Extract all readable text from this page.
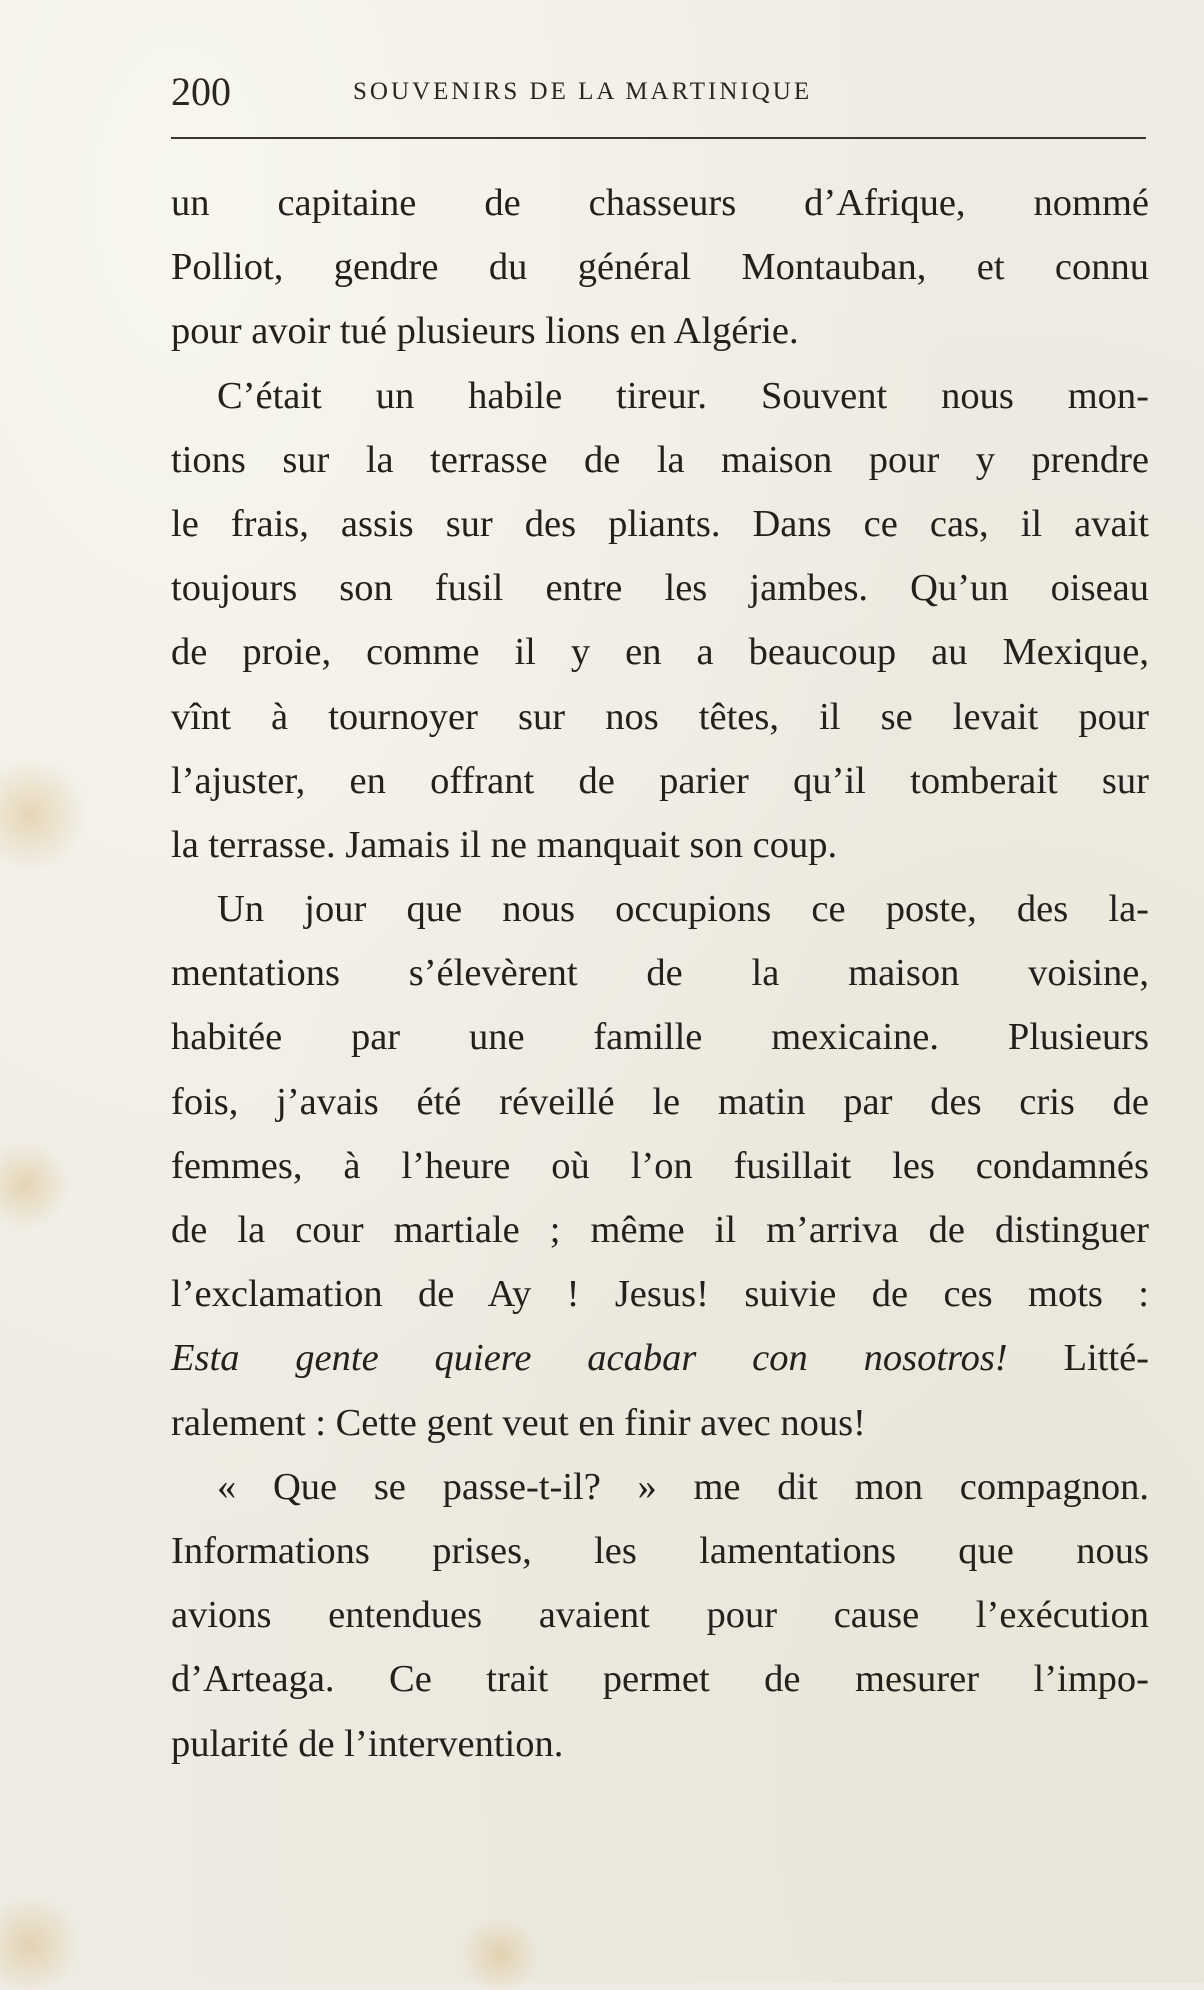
200	SOUVENIRS DE LA MARTINIQUE
un capitaine de chasseurs d’Afrique, nommé
Polliot, gendre du général Montauban, et connu
pour avoir tué plusieurs lions en Algérie.
C’était un habile tireur. Souvent nous mon-
tions sur la terrasse de la maison pour y prendre
le frais, assis sur des pliants. Dans ce cas, il avait
toujours son fusil entre les jambes. Qu’un oiseau
de proie, comme il y en a beaucoup au Mexique,
vînt à tournoyer sur nos têtes, il se levait pour
l’ajuster, en offrant de parier qu’il tomberait sur
la terrasse. Jamais il ne manquait son coup.
Un jour que nous occupions ce poste, des la-
mentations s’élevèrent de la maison voisine,
habitée par une famille mexicaine. Plusieurs
fois, j’avais été réveillé le matin par des cris de
femmes, à l’heure où l’on fusillait les condamnés
de la cour martiale ; même il m’arriva de distinguer
l’exclamation de Ay ! Jesus! suivie de ces mots :
Esta gente quiere acabar con nosotros! Litté-
ralement : Cette gent veut en finir avec nous!
« Que se passe-t-il? » me dit mon compagnon.
Informations prises, les lamentations que nous
avions entendues avaient pour cause l’exécution
d’Arteaga. Ce trait permet de mesurer l’impo-
pularité de l’intervention.
